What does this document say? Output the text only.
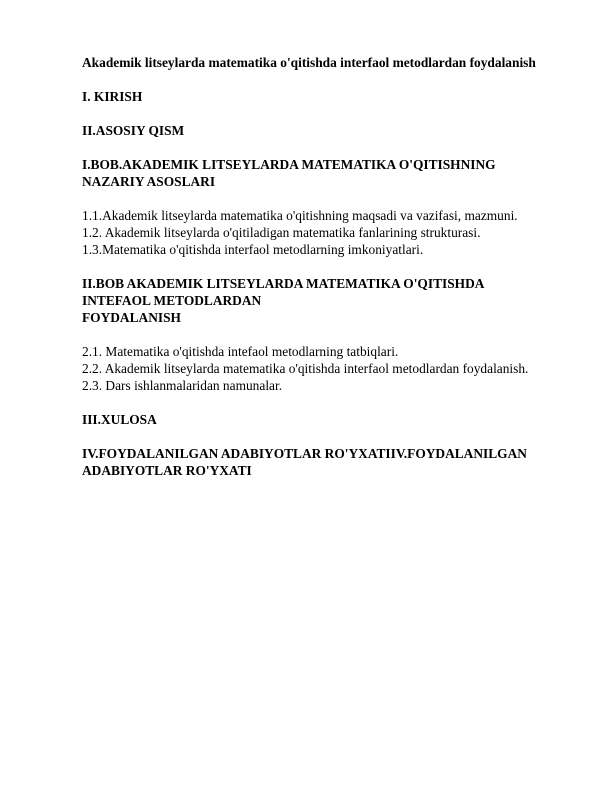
Akademik litseylarda matematika o'qitishda interfaol metodlardan foydalanish
I. KIRISH
II.ASOSIY QISM
I.BOB.AKADEMIK LITSEYLARDA MATEMATIKA O'QITISHNING
NAZARIY ASOSLARI
1.1.Akademik litseylarda matematika o'qitishning maqsadi va vazifasi, mazmuni.
1.2. Akademik litseylarda o'qitiladigan matematika fanlarining strukturasi.
1.3.Matematika o'qitishda interfaol metodlarning imkoniyatlari.
II.BOB AKADEMIK LITSEYLARDA MATEMATIKA O'QITISHDA
INTEFAOL METODLARDAN
FOYDALANISH
2.1. Matematika o'qitishda intefaol metodlarning tatbiqlari.
2.2. Akademik litseylarda matematika o'qitishda interfaol metodlardan foydalanish.
2.3. Dars ishlanmalaridan namunalar.
III.XULOSA
IV.FOYDALANILGAN ADABIYOTLAR RO'YXATIIV.FOYDALANILGAN
ADABIYOTLAR RO'YXATI
